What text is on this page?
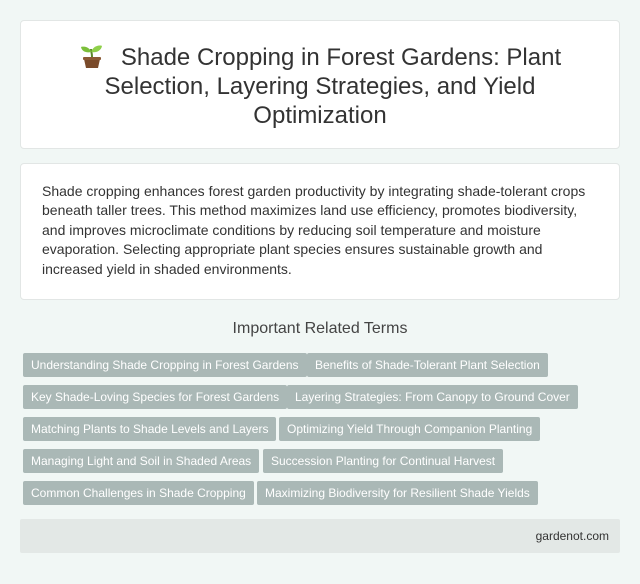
Shade Cropping in Forest Gardens: Plant Selection, Layering Strategies, and Yield Optimization

Shade cropping enhances forest garden productivity by integrating shade-tolerant crops beneath taller trees. This method maximizes land use efficiency, promotes biodiversity, and improves microclimate conditions by reducing soil temperature and moisture evaporation. Selecting appropriate plant species ensures sustainable growth and increased yield in shaded environments.

Important Related Terms
Understanding Shade Cropping in Forest Gardens	Benefits of Shade-Tolerant Plant Selection
Key Shade-Loving Species for Forest Gardens	Layering Strategies: From Canopy to Ground Cover
Matching Plants to Shade Levels and Layers	Optimizing Yield Through Companion Planting
Managing Light and Soil in Shaded Areas	Succession Planting for Continual Harvest
Common Challenges in Shade Cropping	Maximizing Biodiversity for Resilient Shade Yields
gardenot.com
